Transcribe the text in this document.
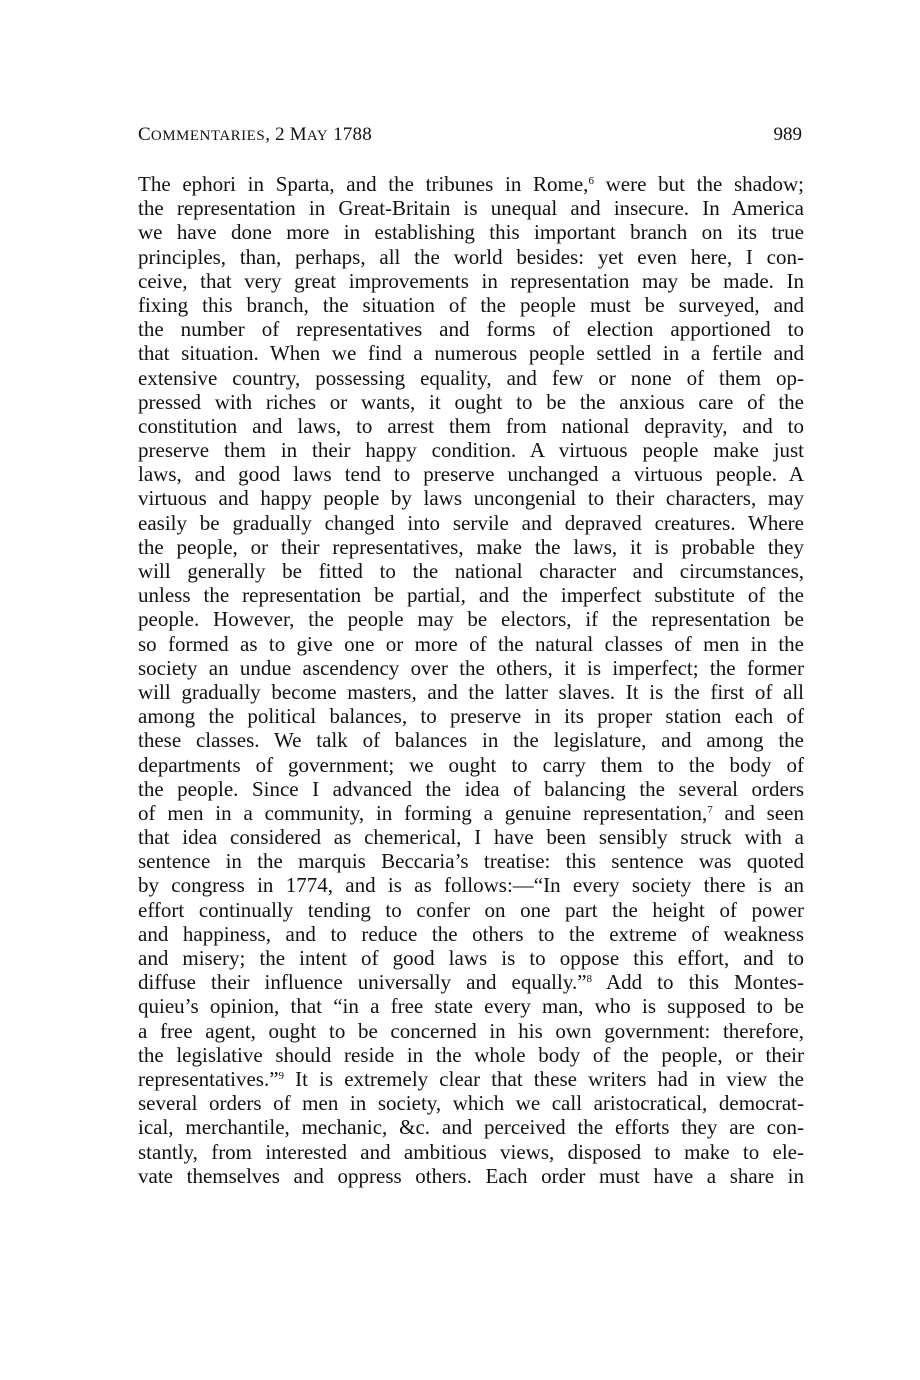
COMMENTARIES, 2 MAY 1788	989
The ephori in Sparta, and the tribunes in Rome,$^6$ were but the shadow;
the representation in Great-Britain is unequal and insecure. In America
we have done more in establishing this important branch on its true
principles, than, perhaps, all the world besides: yet even here, I con-
ceive, that very great improvements in representation may be made. In
fixing this branch, the situation of the people must be surveyed, and
the number of representatives and forms of election apportioned to
that situation. When we find a numerous people settled in a fertile and
extensive country, possessing equality, and few or none of them op-
pressed with riches or wants, it ought to be the anxious care of the
constitution and laws, to arrest them from national depravity, and to
preserve them in their happy condition. A virtuous people make just
laws, and good laws tend to preserve unchanged a virtuous people. A
virtuous and happy people by laws uncongenial to their characters, may
easily be gradually changed into servile and depraved creatures. Where
the people, or their representatives, make the laws, it is probable they
will generally be fitted to the national character and circumstances,
unless the representation be partial, and the imperfect substitute of the
people. However, the people may be electors, if the representation be
so formed as to give one or more of the natural classes of men in the
society an undue ascendency over the others, it is imperfect; the former
will gradually become masters, and the latter slaves. It is the first of all
among the political balances, to preserve in its proper station each of
these classes. We talk of balances in the legislature, and among the
departments of government; we ought to carry them to the body of
the people. Since I advanced the idea of balancing the several orders
of men in a community, in forming a genuine representation,$^7$ and seen
that idea considered as chemerical, I have been sensibly struck with a
sentence in the marquis Beccaria’s treatise: this sentence was quoted
by congress in 1774, and is as follows:—“In every society there is an
effort continually tending to confer on one part the height of power
and happiness, and to reduce the others to the extreme of weakness
and misery; the intent of good laws is to oppose this effort, and to
diffuse their influence universally and equally.”$^8$ Add to this Montes-
quieu’s opinion, that “in a free state every man, who is supposed to be
a free agent, ought to be concerned in his own government: therefore,
the legislative should reside in the whole body of the people, or their
representatives.”$^9$ It is extremely clear that these writers had in view the
several orders of men in society, which we call aristocratical, democrat-
ical, merchantile, mechanic, &c. and perceived the efforts they are con-
stantly, from interested and ambitious views, disposed to make to ele-
vate themselves and oppress others. Each order must have a share in
